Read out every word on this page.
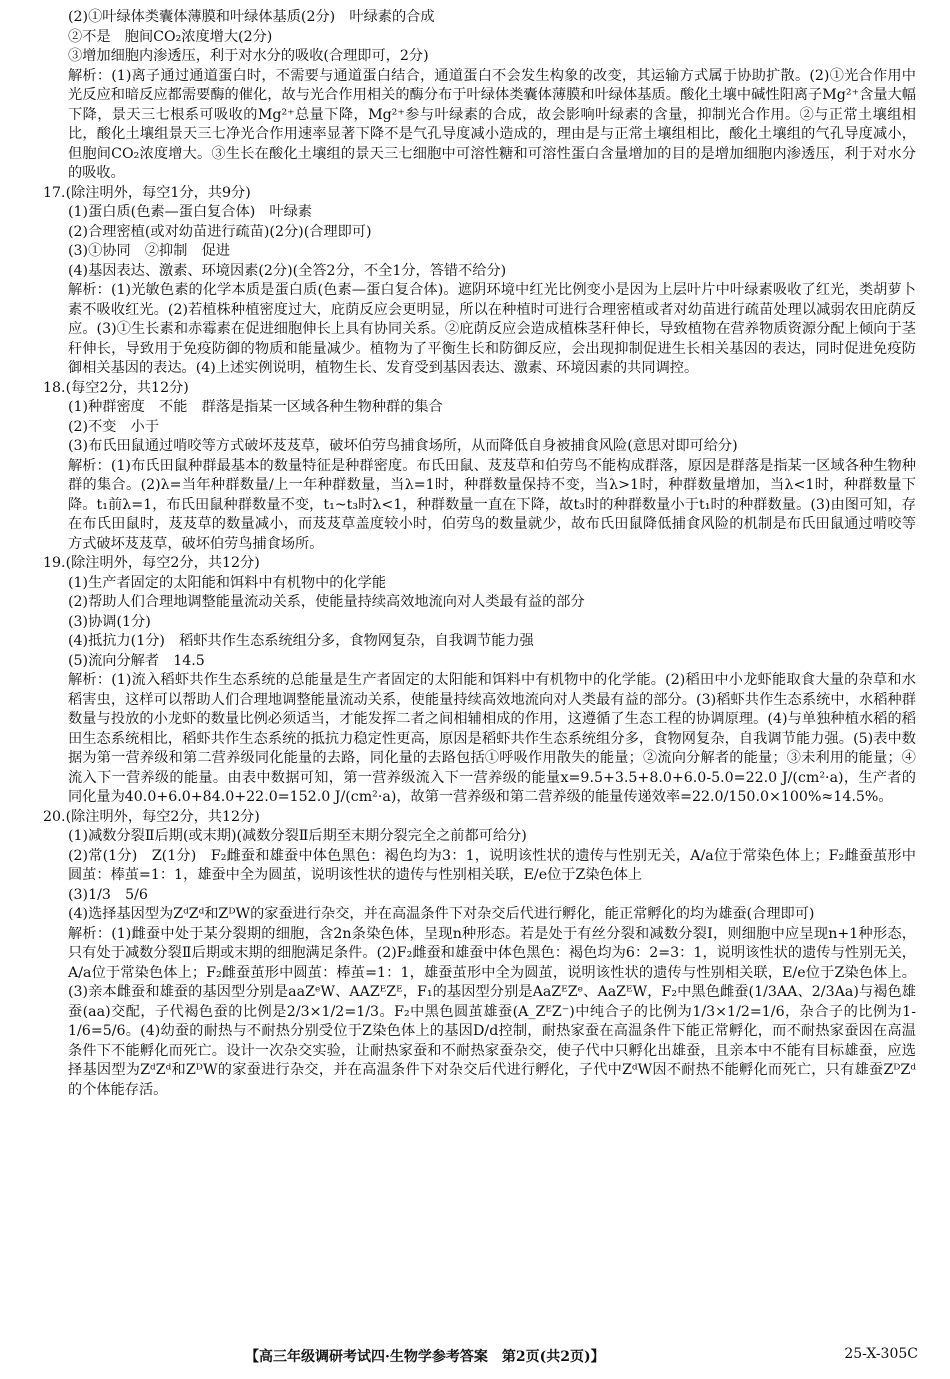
(2)①叶绿体类囊体薄膜和叶绿体基质(2分)　叶绿素的合成
②不是　胞间CO₂浓度增大(2分)
③增加细胞内渗透压，利于对水分的吸收(合理即可，2分)
解析：(1)离子通过通道蛋白时，不需要与通道蛋白结合，通道蛋白不会发生构象的改变，其运输方式属于协助扩散。(2)①光合作用中光反应和暗反应都需要酶的催化，故与光合作用相关的酶分布于叶绿体类囊体薄膜和叶绿体基质。酸化土壤中碱性阳离子Mg²⁺含量大幅下降，景天三七根系可吸收的Mg²⁺总量下降，Mg²⁺参与叶绿素的合成，故会影响叶绿素的含量，抑制光合作用。②与正常土壤组相比，酸化土壤组景天三七净光合作用速率显著下降不是气孔导度减小造成的，理由是与正常土壤组相比，酸化土壤组的气孔导度减小，但胞间CO₂浓度增大。③生长在酸化土壤组的景天三七细胞中可溶性糖和可溶性蛋白含量增加的目的是增加细胞内渗透压，利于对水分的吸收。
17.(除注明外，每空1分，共9分)
(1)蛋白质(色素—蛋白复合体)　叶绿素
(2)合理密植(或对幼苗进行疏苗)(2分)(合理即可)
(3)①协同　②抑制　促进
(4)基因表达、激素、环境因素(2分)(全答2分，不全1分，答错不给分)
解析：(1)光敏色素的化学本质是蛋白质(色素—蛋白复合体)。遮阴环境中红光比例变小是因为上层叶片中叶绿素吸收了红光，类胡萝卜素不吸收红光。(2)若植株种植密度过大，庇荫反应会更明显，所以在种植时可进行合理密植或者对幼苗进行疏苗处理以减弱农田庇荫反应。(3)①生长素和赤霉素在促进细胞伸长上具有协同关系。②庇荫反应会造成植株茎秆伸长，导致植物在营养物质资源分配上倾向于茎秆伸长，导致用于免疫防御的物质和能量减少。植物为了平衡生长和防御反应，会出现抑制促进生长相关基因的表达，同时促进免疫防御相关基因的表达。(4)上述实例说明，植物生长、发育受到基因表达、激素、环境因素的共同调控。
18.(每空2分，共12分)
(1)种群密度　不能　群落是指某一区域各种生物种群的集合
(2)不变　小于
(3)布氏田鼠通过啃咬等方式破坏芨芨草，破坏伯劳鸟捕食场所，从而降低自身被捕食风险(意思对即可给分)
解析：(1)布氏田鼠种群最基本的数量特征是种群密度。布氏田鼠、芨芨草和伯劳鸟不能构成群落，原因是群落是指某一区域各种生物种群的集合。(2)λ=当年种群数量/上一年种群数量，当λ=1时，种群数量保持不变，当λ>1时，种群数量增加，当λ<1时，种群数量下降。t₁前λ=1，布氏田鼠种群数量不变，t₁~t₃时λ<1，种群数量一直在下降，故t₃时的种群数量小于t₁时的种群数量。(3)由图可知，存在布氏田鼠时，芨芨草的数量减小，而芨芨草盖度较小时，伯劳鸟的数量就少，故布氏田鼠降低捕食风险的机制是布氏田鼠通过啃咬等方式破坏芨芨草，破坏伯劳鸟捕食场所。
19.(除注明外，每空2分，共12分)
(1)生产者固定的太阳能和饵料中有机物中的化学能
(2)帮助人们合理地调整能量流动关系，使能量持续高效地流向对人类最有益的部分
(3)协调(1分)
(4)抵抗力(1分)　稻虾共作生态系统组分多，食物网复杂，自我调节能力强
(5)流向分解者　14.5
解析：(1)流入稻虾共作生态系统的总能量是生产者固定的太阳能和饵料中有机物中的化学能。(2)稻田中小龙虾能取食大量的杂草和水稻害虫，这样可以帮助人们合理地调整能量流动关系，使能量持续高效地流向对人类最有益的部分。(3)稻虾共作生态系统中，水稻种群数量与投放的小龙虾的数量比例必须适当，才能发挥二者之间相辅相成的作用，这遵循了生态工程的协调原理。(4)与单独种植水稻的稻田生态系统相比，稻虾共作生态系统的抵抗力稳定性更高，原因是稻虾共作生态系统组分多，食物网复杂，自我调节能力强。(5)表中数据为第一营养级和第二营养级同化能量的去路，同化量的去路包括①呼吸作用散失的能量；②流向分解者的能量；③未利用的能量；④流入下一营养级的能量。由表中数据可知，第一营养级流入下一营养级的能量x=9.5+3.5+8.0+6.0-5.0=22.0 J/(cm²·a)，生产者的同化量为40.0+6.0+84.0+22.0=152.0 J/(cm²·a)，故第一营养级和第二营养级的能量传递效率=22.0/150.0×100%≈14.5%。
20.(除注明外，每空2分，共12分)
(1)减数分裂Ⅱ后期(或末期)(减数分裂Ⅱ后期至末期分裂完全之前都可给分)
(2)常(1分)　Z(1分)　F₂雌蚕和雄蚕中体色黑色：褐色均为3：1，说明该性状的遗传与性别无关，A/a位于常染色体上；F₂雌蚕茧形中圆茧：棒茧=1：1，雄蚕中全为圆茧，说明该性状的遗传与性别相关联，E/e位于Z染色体上
(3)1/3　5/6
(4)选择基因型为ZᵈZᵈ和ZᴰW的家蚕进行杂交，并在高温条件下对杂交后代进行孵化，能正常孵化的均为雄蚕(合理即可)
解析：(1)雌蚕中处于某分裂期的细胞，含2n条染色体，呈现n种形态。若是处于有丝分裂和减数分裂Ⅰ，则细胞中应呈现n+1种形态，只有处于减数分裂Ⅱ后期或末期的细胞满足条件。(2)F₂雌蚕和雄蚕中体色黑色：褐色均为6：2=3：1，说明该性状的遗传与性别无关，A/a位于常染色体上；F₂雌蚕茧形中圆茧：棒茧=1：1，雄蚕茧形中全为圆茧，说明该性状的遗传与性别相关联，E/e位于Z染色体上。(3)亲本雌蚕和雄蚕的基因型分别是aaZᵉW、AAZᴱZᴱ，F₁的基因型分别是AaZᴱZᵉ、AaZᴱW，F₂中黑色雌蚕(1/3AA、2/3Aa)与褐色雄蚕(aa)交配，子代褐色蚕的比例是2/3×1/2=1/3。F₂中黑色圆茧雄蚕(A_ZᴱZ⁻)中纯合子的比例为1/3×1/2=1/6，杂合子的比例为1-1/6=5/6。(4)幼蚕的耐热与不耐热分别受位于Z染色体上的基因D/d控制，耐热家蚕在高温条件下能正常孵化，而不耐热家蚕因在高温条件下不能孵化而死亡。设计一次杂交实验，让耐热家蚕和不耐热家蚕杂交，使子代中只孵化出雄蚕，且亲本中不能有目标雄蚕，应选择基因型为ZᵈZᵈ和ZᴰW的家蚕进行杂交，并在高温条件下对杂交后代进行孵化，子代中ZᵈW因不耐热不能孵化而死亡，只有雄蚕ZᴰZᵈ的个体能存活。
【高三年级调研考试四·生物学参考答案　第2页(共2页)】	25-X-305C
